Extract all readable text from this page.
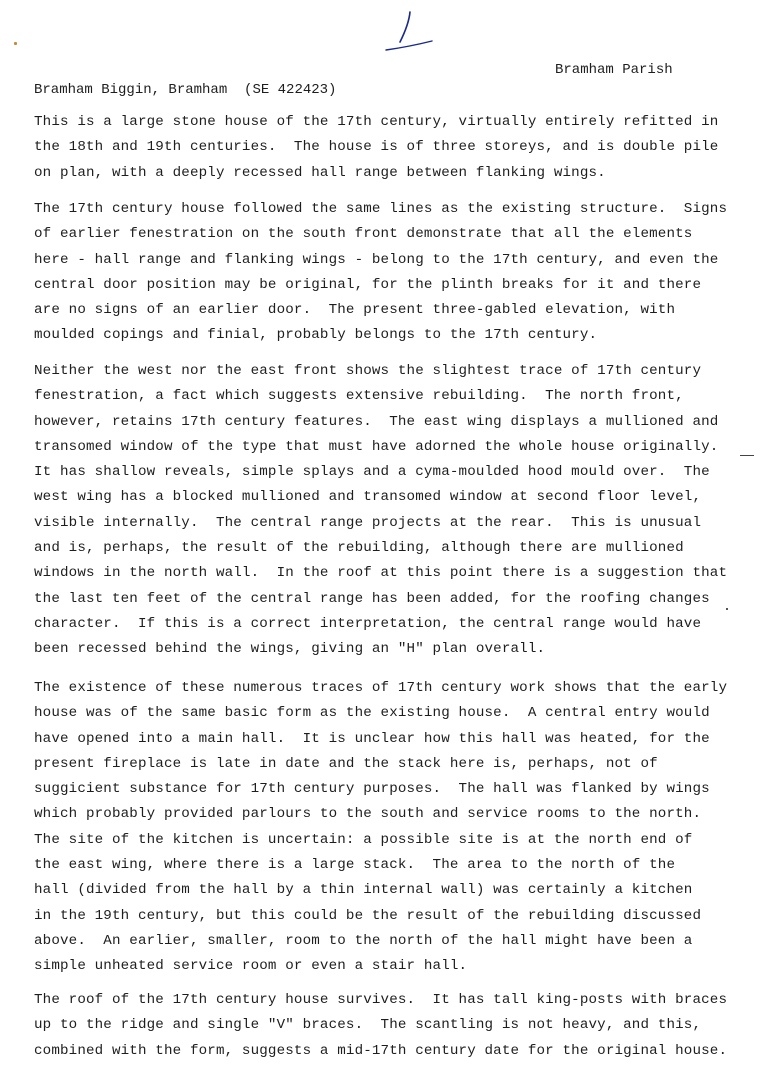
Bramham Biggin, Bramham (SE 422423)
Bramham Parish
This is a large stone house of the 17th century, virtually entirely refitted in
the 18th and 19th centuries.  The house is of three storeys, and is double pile
on plan, with a deeply recessed hall range between flanking wings.
The 17th century house followed the same lines as the existing structure.  Signs
of earlier fenestration on the south front demonstrate that all the elements
here - hall range and flanking wings - belong to the 17th century, and even the
central door position may be original, for the plinth breaks for it and there
are no signs of an earlier door.  The present three-gabled elevation, with
moulded copings and finial, probably belongs to the 17th century.
Neither the west nor the east front shows the slightest trace of 17th century
fenestration, a fact which suggests extensive rebuilding.  The north front,
however, retains 17th century features.  The east wing displays a mullioned and
transomed window of the type that must have adorned the whole house originally.
It has shallow reveals, simple splays and a cyma-moulded hood mould over.  The
west wing has a blocked mullioned and transomed window at second floor level,
visible internally.  The central range projects at the rear.  This is unusual
and is, perhaps, the result of the rebuilding, although there are mullioned
windows in the north wall.  In the roof at this point there is a suggestion that
the last ten feet of the central range has been added, for the roofing changes
character.  If this is a correct interpretation, the central range would have
been recessed behind the wings, giving an "H" plan overall.
The existence of these numerous traces of 17th century work shows that the early
house was of the same basic form as the existing house.  A central entry would
have opened into a main hall.  It is unclear how this hall was heated, for the
present fireplace is late in date and the stack here is, perhaps, not of
suggicient substance for 17th century purposes.  The hall was flanked by wings
which probably provided parlours to the south and service rooms to the north.
The site of the kitchen is uncertain: a possible site is at the north end of
the east wing, where there is a large stack.  The area to the north of the
hall (divided from the hall by a thin internal wall) was certainly a kitchen
in the 19th century, but this could be the result of the rebuilding discussed
above.  An earlier, smaller, room to the north of the hall might have been a
simple unheated service room or even a stair hall.
The roof of the 17th century house survives.  It has tall king-posts with braces
up to the ridge and single "V" braces.  The scantling is not heavy, and this,
combined with the form, suggests a mid-17th century date for the original house.
